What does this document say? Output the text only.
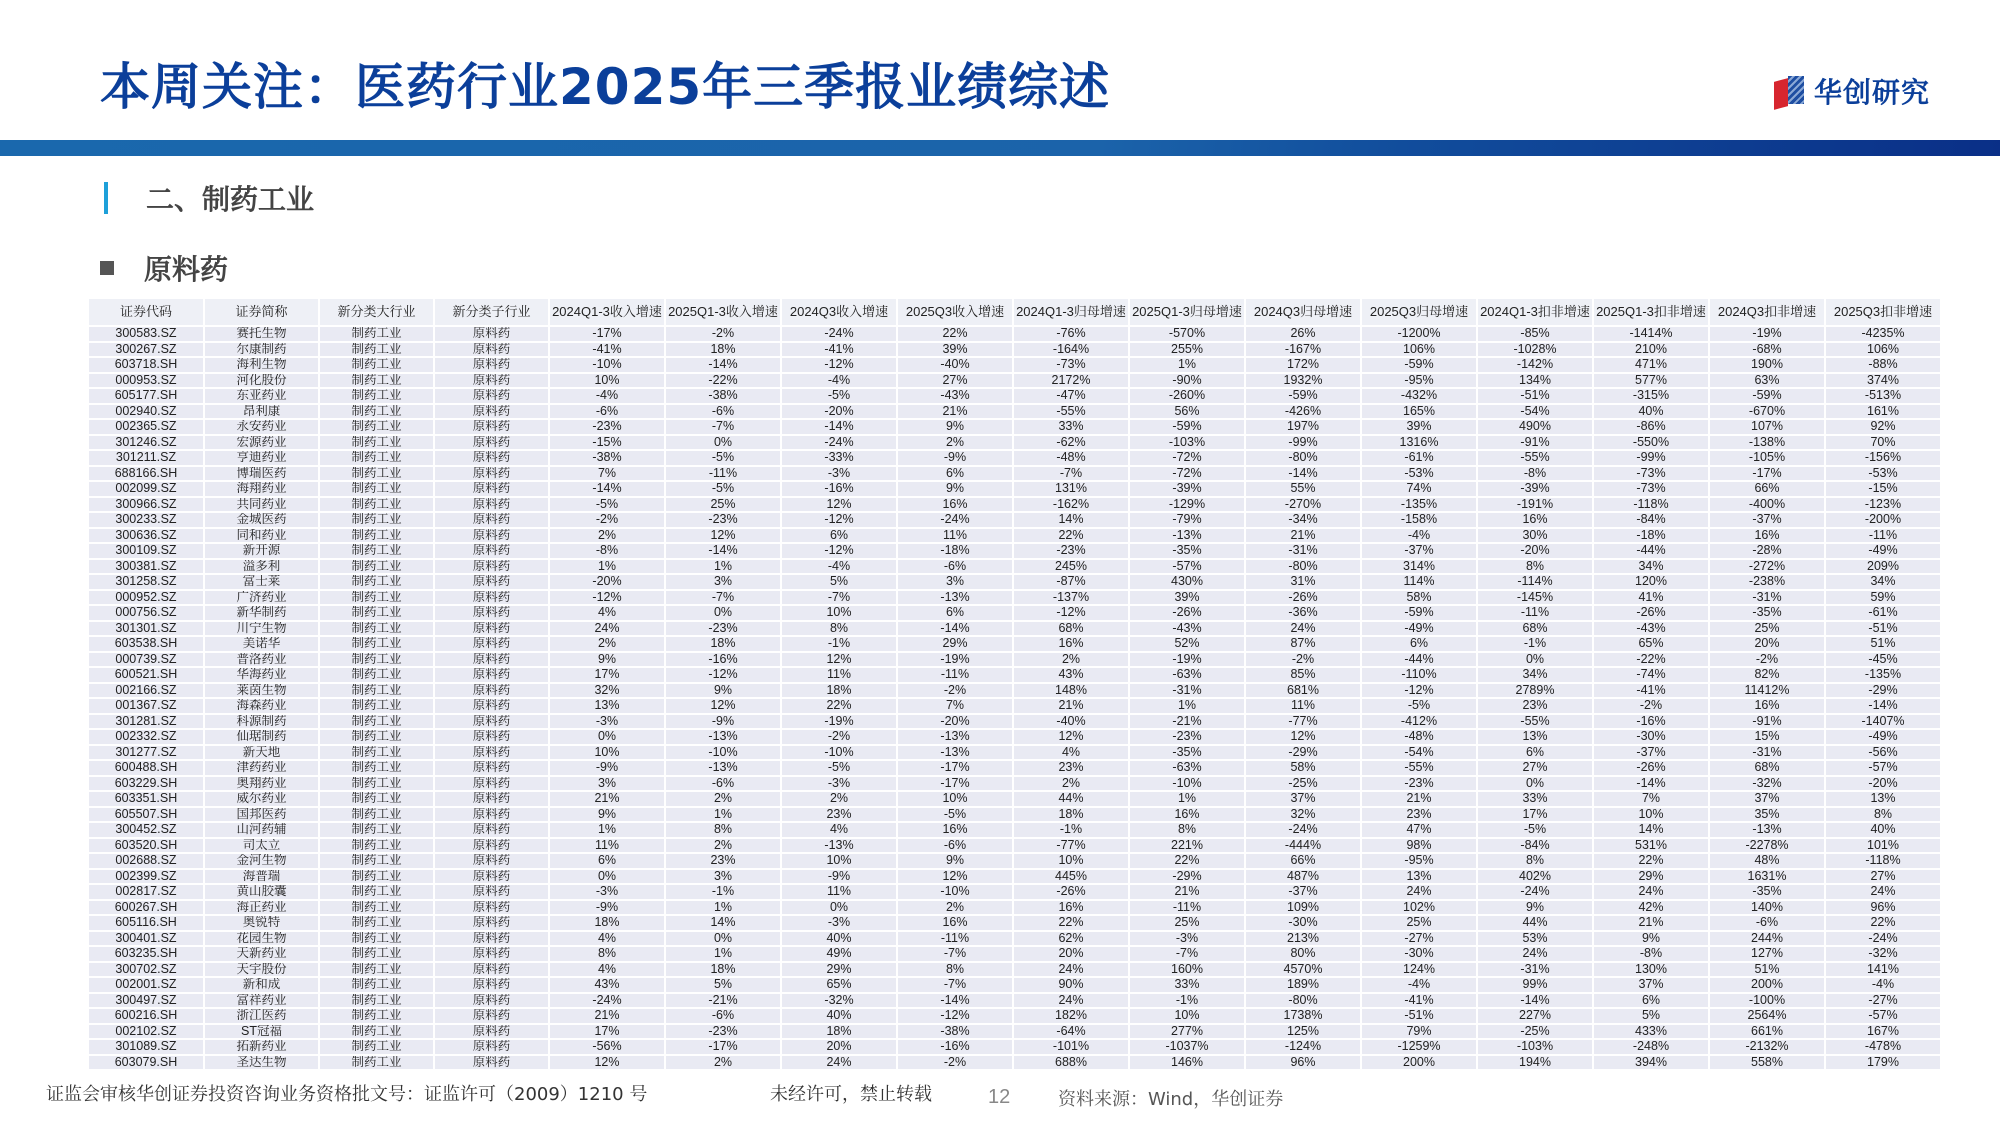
本周关注：医药行业2025年三季报业绩综述	华创研究
二、制药工业
原料药
证券代码	证券简称	新分类大行业	新分类子行业	2024Q1-3收入增速	2025Q1-3收入增速	2024Q3收入增速	2025Q3收入增速	2024Q1-3归母增速	2025Q1-3归母增速	2024Q3归母增速	2025Q3归母增速	2024Q1-3扣非增速	2025Q1-3扣非增速	2024Q3扣非增速	2025Q3扣非增速
300583.SZ	赛托生物	制药工业	原料药	-17%	-2%	-24%	22%	-76%	-570%	26%	-1200%	-85%	-1414%	-19%	-4235%
300267.SZ	尔康制药	制药工业	原料药	-41%	18%	-41%	39%	-164%	255%	-167%	106%	-1028%	210%	-68%	106%
603718.SH	海利生物	制药工业	原料药	-10%	-14%	-12%	-40%	-73%	1%	172%	-59%	-142%	471%	190%	-88%
000953.SZ	河化股份	制药工业	原料药	10%	-22%	-4%	27%	2172%	-90%	1932%	-95%	134%	577%	63%	374%
605177.SH	东亚药业	制药工业	原料药	-4%	-38%	-5%	-43%	-47%	-260%	-59%	-432%	-51%	-315%	-59%	-513%
002940.SZ	昂利康	制药工业	原料药	-6%	-6%	-20%	21%	-55%	56%	-426%	165%	-54%	40%	-670%	161%
002365.SZ	永安药业	制药工业	原料药	-23%	-7%	-14%	9%	33%	-59%	197%	39%	490%	-86%	107%	92%
301246.SZ	宏源药业	制药工业	原料药	-15%	0%	-24%	2%	-62%	-103%	-99%	1316%	-91%	-550%	-138%	70%
301211.SZ	亨迪药业	制药工业	原料药	-38%	-5%	-33%	-9%	-48%	-72%	-80%	-61%	-55%	-99%	-105%	-156%
688166.SH	博瑞医药	制药工业	原料药	7%	-11%	-3%	6%	-7%	-72%	-14%	-53%	-8%	-73%	-17%	-53%
002099.SZ	海翔药业	制药工业	原料药	-14%	-5%	-16%	9%	131%	-39%	55%	74%	-39%	-73%	66%	-15%
300966.SZ	共同药业	制药工业	原料药	-5%	25%	12%	16%	-162%	-129%	-270%	-135%	-191%	-118%	-400%	-123%
300233.SZ	金城医药	制药工业	原料药	-2%	-23%	-12%	-24%	14%	-79%	-34%	-158%	16%	-84%	-37%	-200%
300636.SZ	同和药业	制药工业	原料药	2%	12%	6%	11%	22%	-13%	21%	-4%	30%	-18%	16%	-11%
300109.SZ	新开源	制药工业	原料药	-8%	-14%	-12%	-18%	-23%	-35%	-31%	-37%	-20%	-44%	-28%	-49%
300381.SZ	溢多利	制药工业	原料药	1%	1%	-4%	-6%	245%	-57%	-80%	314%	8%	34%	-272%	209%
301258.SZ	富士莱	制药工业	原料药	-20%	3%	5%	3%	-87%	430%	31%	114%	-114%	120%	-238%	34%
000952.SZ	广济药业	制药工业	原料药	-12%	-7%	-7%	-13%	-137%	39%	-26%	58%	-145%	41%	-31%	59%
000756.SZ	新华制药	制药工业	原料药	4%	0%	10%	6%	-12%	-26%	-36%	-59%	-11%	-26%	-35%	-61%
301301.SZ	川宁生物	制药工业	原料药	24%	-23%	8%	-14%	68%	-43%	24%	-49%	68%	-43%	25%	-51%
603538.SH	美诺华	制药工业	原料药	2%	18%	-1%	29%	16%	52%	87%	6%	-1%	65%	20%	51%
000739.SZ	普洛药业	制药工业	原料药	9%	-16%	12%	-19%	2%	-19%	-2%	-44%	0%	-22%	-2%	-45%
600521.SH	华海药业	制药工业	原料药	17%	-12%	11%	-11%	43%	-63%	85%	-110%	34%	-74%	82%	-135%
002166.SZ	莱茵生物	制药工业	原料药	32%	9%	18%	-2%	148%	-31%	681%	-12%	2789%	-41%	11412%	-29%
001367.SZ	海森药业	制药工业	原料药	13%	12%	22%	7%	21%	1%	11%	-5%	23%	-2%	16%	-14%
301281.SZ	科源制药	制药工业	原料药	-3%	-9%	-19%	-20%	-40%	-21%	-77%	-412%	-55%	-16%	-91%	-1407%
002332.SZ	仙琚制药	制药工业	原料药	0%	-13%	-2%	-13%	12%	-23%	12%	-48%	13%	-30%	15%	-49%
301277.SZ	新天地	制药工业	原料药	10%	-10%	-10%	-13%	4%	-35%	-29%	-54%	6%	-37%	-31%	-56%
600488.SH	津药药业	制药工业	原料药	-9%	-13%	-5%	-17%	23%	-63%	58%	-55%	27%	-26%	68%	-57%
603229.SH	奥翔药业	制药工业	原料药	3%	-6%	-3%	-17%	2%	-10%	-25%	-23%	0%	-14%	-32%	-20%
603351.SH	威尔药业	制药工业	原料药	21%	2%	2%	10%	44%	1%	37%	21%	33%	7%	37%	13%
605507.SH	国邦医药	制药工业	原料药	9%	1%	23%	-5%	18%	16%	32%	23%	17%	10%	35%	8%
300452.SZ	山河药辅	制药工业	原料药	1%	8%	4%	16%	-1%	8%	-24%	47%	-5%	14%	-13%	40%
603520.SH	司太立	制药工业	原料药	11%	2%	-13%	-6%	-77%	221%	-444%	98%	-84%	531%	-2278%	101%
002688.SZ	金河生物	制药工业	原料药	6%	23%	10%	9%	10%	22%	66%	-95%	8%	22%	48%	-118%
002399.SZ	海普瑞	制药工业	原料药	0%	3%	-9%	12%	445%	-29%	487%	13%	402%	29%	1631%	27%
002817.SZ	黄山胶囊	制药工业	原料药	-3%	-1%	11%	-10%	-26%	21%	-37%	24%	-24%	24%	-35%	24%
600267.SH	海正药业	制药工业	原料药	-9%	1%	0%	2%	16%	-11%	109%	102%	9%	42%	140%	96%
605116.SH	奥锐特	制药工业	原料药	18%	14%	-3%	16%	22%	25%	-30%	25%	44%	21%	-6%	22%
300401.SZ	花园生物	制药工业	原料药	4%	0%	40%	-11%	62%	-3%	213%	-27%	53%	9%	244%	-24%
603235.SH	天新药业	制药工业	原料药	8%	1%	49%	-7%	20%	-7%	80%	-30%	24%	-8%	127%	-32%
300702.SZ	天宇股份	制药工业	原料药	4%	18%	29%	8%	24%	160%	4570%	124%	-31%	130%	51%	141%
002001.SZ	新和成	制药工业	原料药	43%	5%	65%	-7%	90%	33%	189%	-4%	99%	37%	200%	-4%
300497.SZ	富祥药业	制药工业	原料药	-24%	-21%	-32%	-14%	24%	-1%	-80%	-41%	-14%	6%	-100%	-27%
600216.SH	浙江医药	制药工业	原料药	21%	-6%	40%	-12%	182%	10%	1738%	-51%	227%	5%	2564%	-57%
002102.SZ	ST冠福	制药工业	原料药	17%	-23%	18%	-38%	-64%	277%	125%	79%	-25%	433%	661%	167%
301089.SZ	拓新药业	制药工业	原料药	-56%	-17%	20%	-16%	-101%	-1037%	-124%	-1259%	-103%	-248%	-2132%	-478%
603079.SH	圣达生物	制药工业	原料药	12%	2%	24%	-2%	688%	146%	96%	200%	194%	394%	558%	179%
证监会审核华创证券投资咨询业务资格批文号：证监许可（2009）1210 号	未经许可，禁止转载	12	资料来源：Wind，华创证券
